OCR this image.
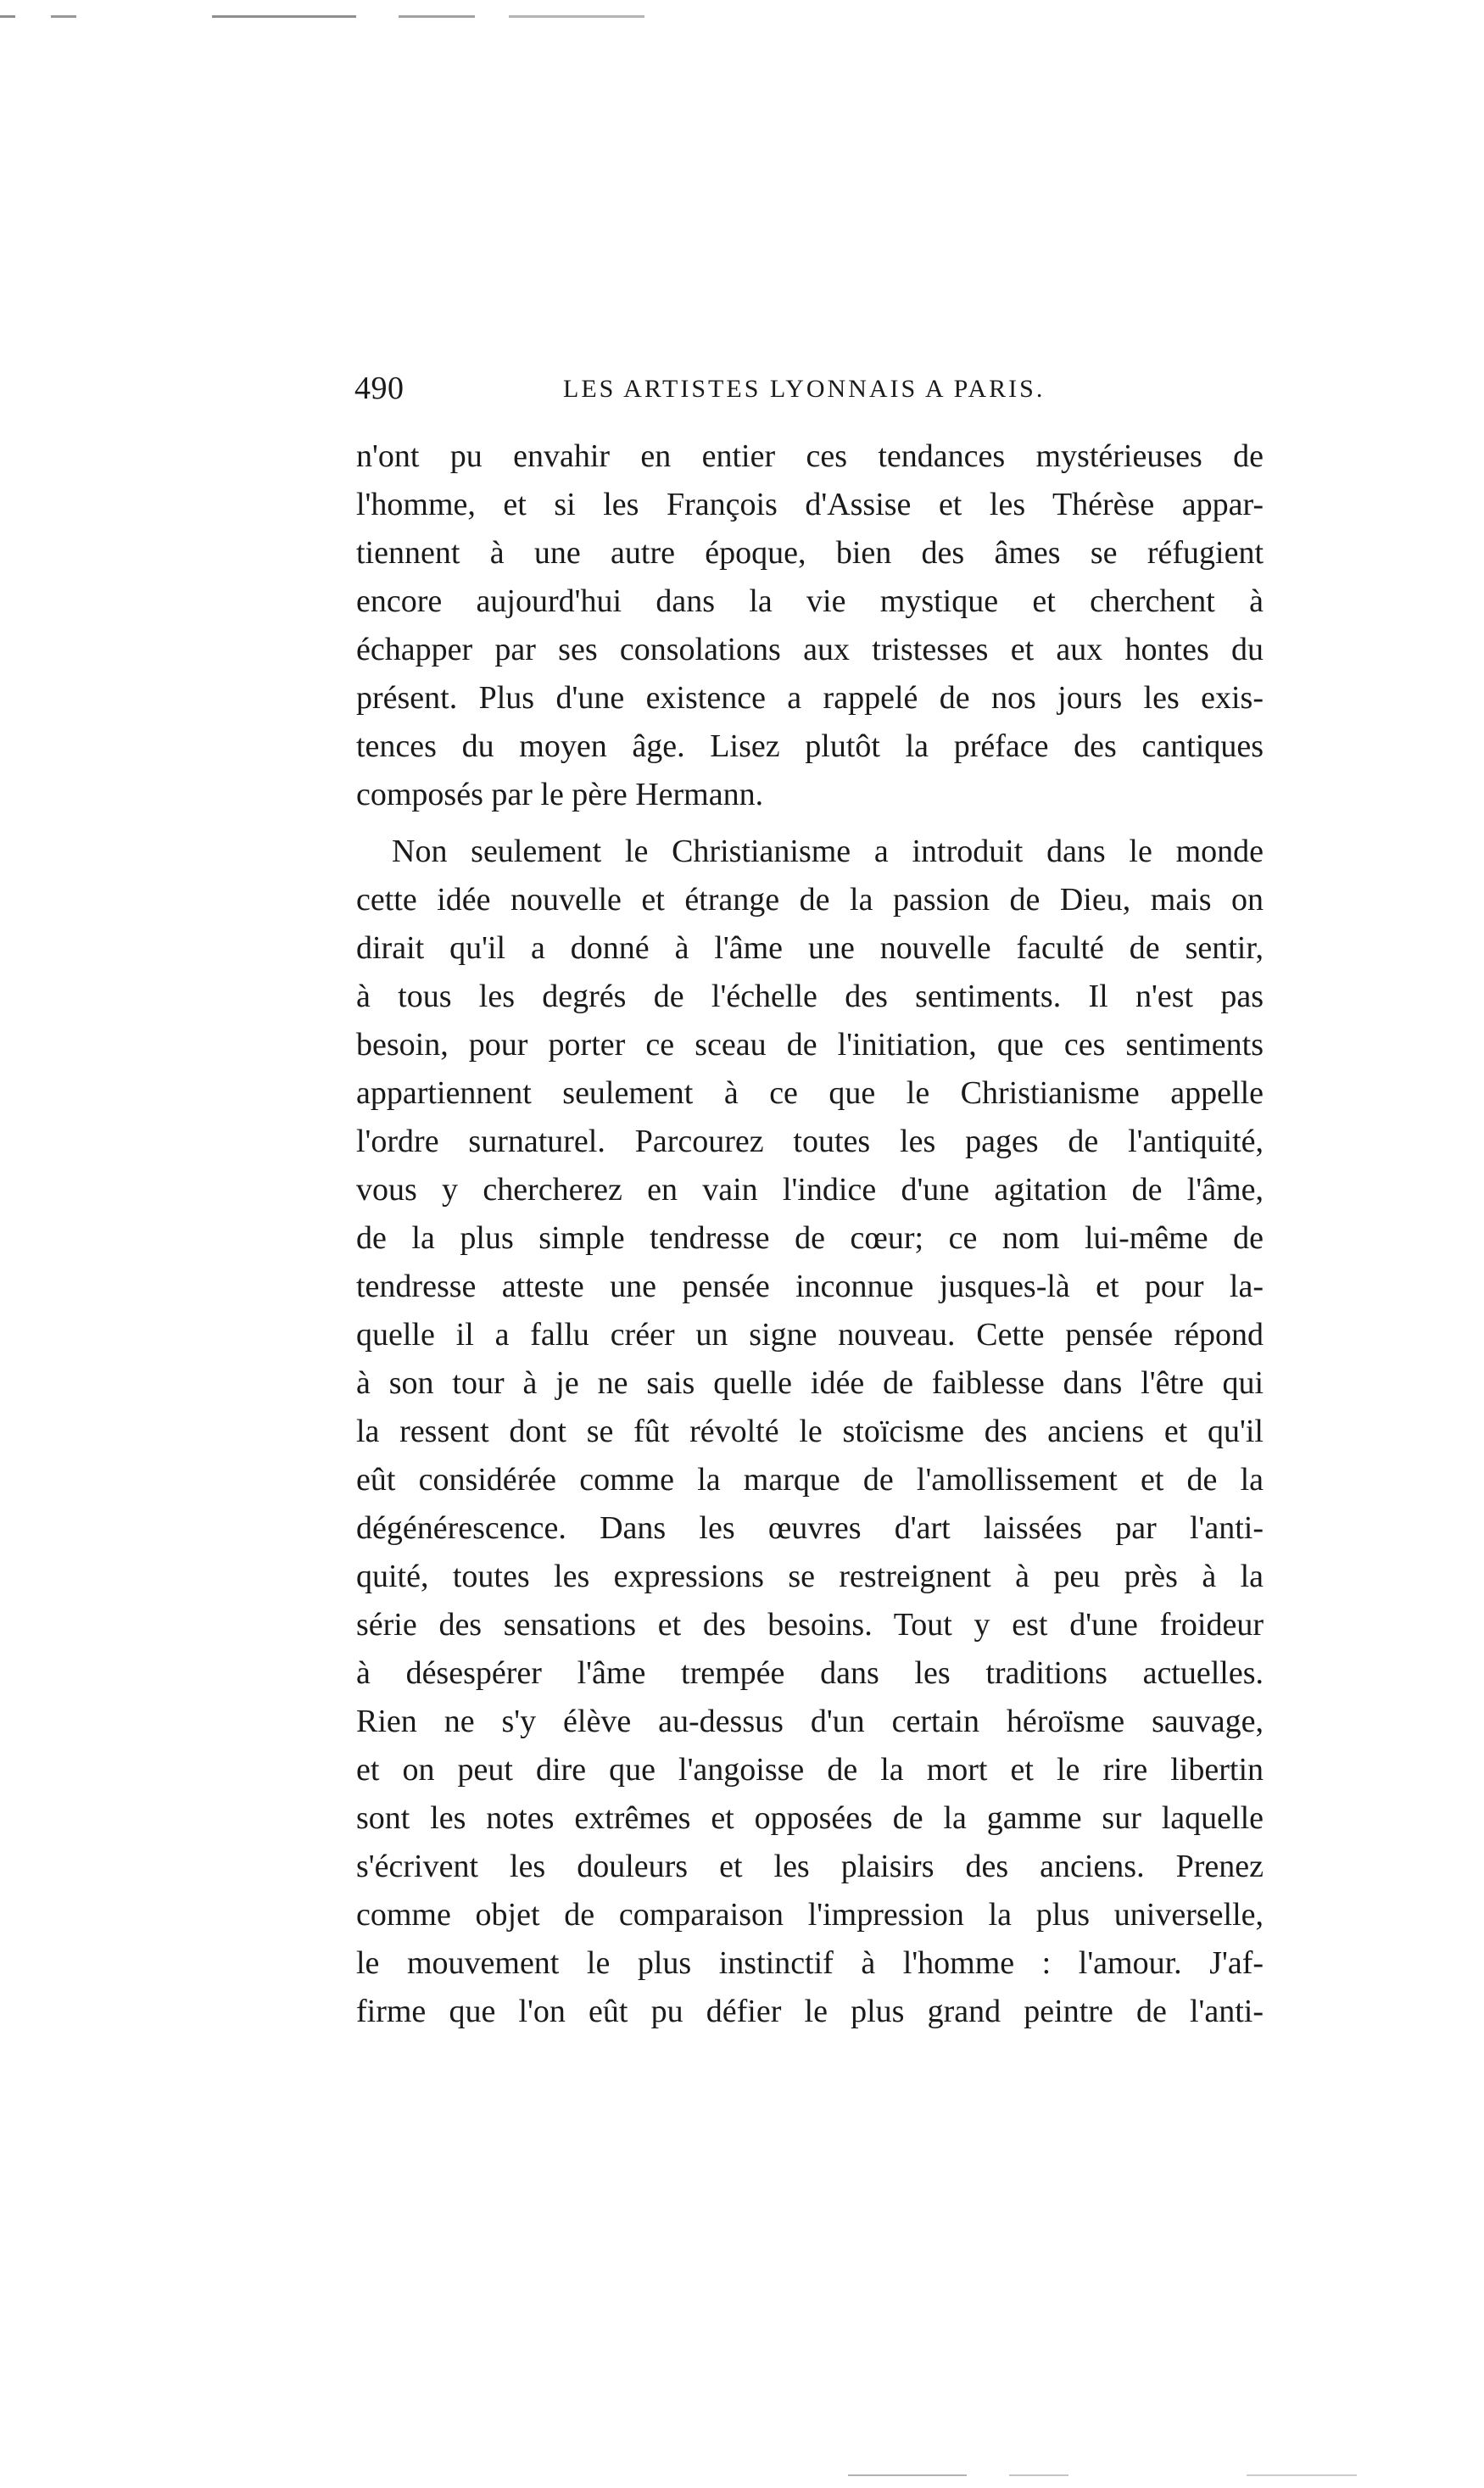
490	LES ARTISTES LYONNAIS A PARIS.
n'ont pu envahir en entier ces tendances mystérieuses de
l'homme, et si les François d'Assise et les Thérèse appar-
tiennent à une autre époque, bien des âmes se réfugient
encore aujourd'hui dans la vie mystique et cherchent à
échapper par ses consolations aux tristesses et aux hontes du
présent. Plus d'une existence a rappelé de nos jours les exis-
tences du moyen âge. Lisez plutôt la préface des cantiques
composés par le père Hermann.
Non seulement le Christianisme a introduit dans le monde
cette idée nouvelle et étrange de la passion de Dieu, mais on
dirait qu'il a donné à l'âme une nouvelle faculté de sentir,
à tous les degrés de l'échelle des sentiments. Il n'est pas
besoin, pour porter ce sceau de l'initiation, que ces sentiments
appartiennent seulement à ce que le Christianisme appelle
l'ordre surnaturel. Parcourez toutes les pages de l'antiquité,
vous y chercherez en vain l'indice d'une agitation de l'âme,
de la plus simple tendresse de cœur; ce nom lui-même de
tendresse atteste une pensée inconnue jusques-là et pour la-
quelle il a fallu créer un signe nouveau. Cette pensée répond
à son tour à je ne sais quelle idée de faiblesse dans l'être qui
la ressent dont se fût révolté le stoïcisme des anciens et qu'il
eût considérée comme la marque de l'amollissement et de la
dégénérescence. Dans les œuvres d'art laissées par l'anti-
quité, toutes les expressions se restreignent à peu près à la
série des sensations et des besoins. Tout y est d'une froideur
à désespérer l'âme trempée dans les traditions actuelles.
Rien ne s'y élève au-dessus d'un certain héroïsme sauvage,
et on peut dire que l'angoisse de la mort et le rire libertin
sont les notes extrêmes et opposées de la gamme sur laquelle
s'écrivent les douleurs et les plaisirs des anciens. Prenez
comme objet de comparaison l'impression la plus universelle,
le mouvement le plus instinctif à l'homme : l'amour. J'af-
firme que l'on eût pu défier le plus grand peintre de l'anti-
